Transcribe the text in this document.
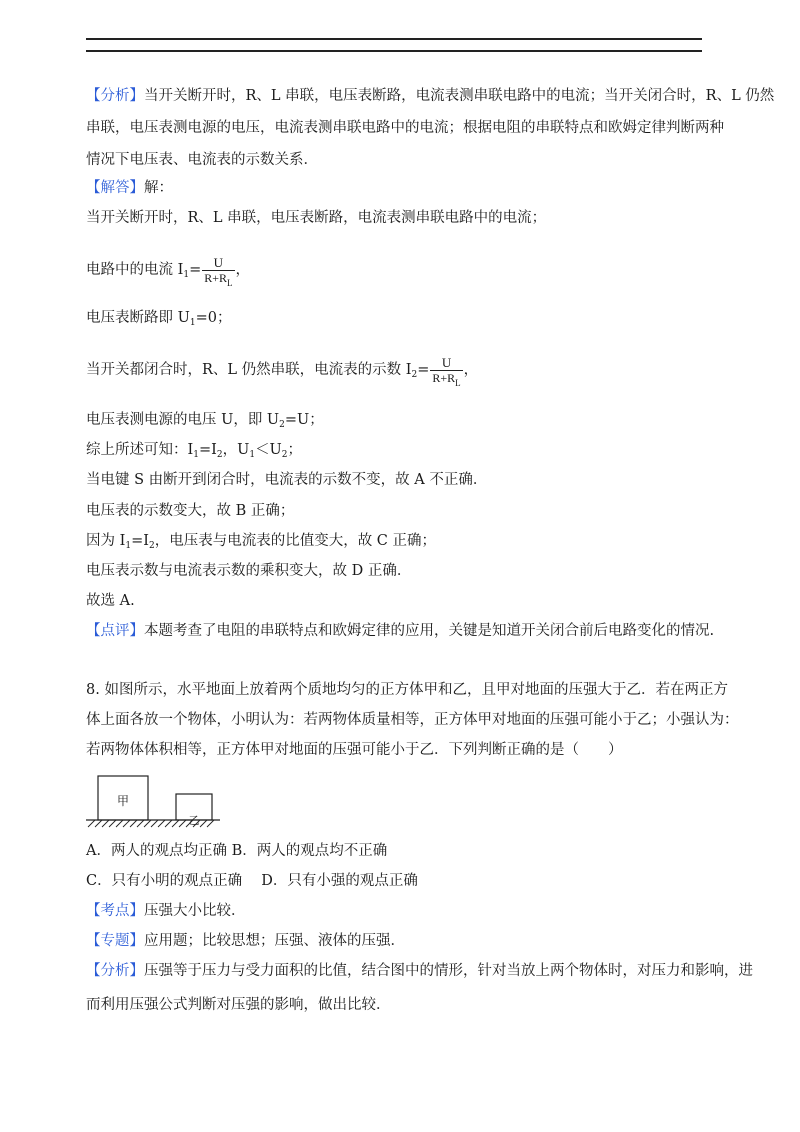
【分析】当开关断开时，R、L 串联，电压表断路，电流表测串联电路中的电流；当开关闭合时，R、L 仍然
串联，电压表测电源的电压，电流表测串联电路中的电流；根据电阻的串联特点和欧姆定律判断两种
情况下电压表、电流表的示数关系．
【解答】解：
当开关断开时，R、L 串联，电压表断路，电流表测串联电路中的电流；
电路中的电流 $I_1= \frac{U}{R+R_L}$ ，
电压表断路即 $U_1=0$；
当开关都闭合时，R、L 仍然串联，电流表的示数 $I_2= \frac{U}{R+R_L}$ ，
电压表测电源的电压 U，即 $U_2=U$；
综上所述可知：$I_1=I_2$，$U_1<U_2$；
当电键 S 由断开到闭合时，电流表的示数不变，故 A 不正确．
电压表的示数变大，故 B 正确；
因为 $I_1=I_2$，电压表与电流表的比值变大，故 C 正确；
电压表示数与电流表示数的乘积变大，故 D 正确．
故选 A.
【点评】本题考查了电阻的串联特点和欧姆定律的应用，关键是知道开关闭合前后电路变化的情况.
8. 如图所示，水平地面上放着两个质地均匀的正方体甲和乙，且甲对地面的压强大于乙．若在两正方
体上面各放一个物体，小明认为：若两物体质量相等，正方体甲对地面的压强可能小于乙；小强认为：
若两物体体积相等，正方体甲对地面的压强可能小于乙．下列判断正确的是（　　）
甲
乙
A．两人的观点均正确 B．两人的观点均不正确
C．只有小明的观点正确　 D．只有小强的观点正确
【考点】压强大小比较．
【专题】应用题；比较思想；压强、液体的压强．
【分析】压强等于压力与受力面积的比值，结合图中的情形，针对当放上两个物体时，对压力和影响，进
而利用压强公式判断对压强的影响，做出比较．
